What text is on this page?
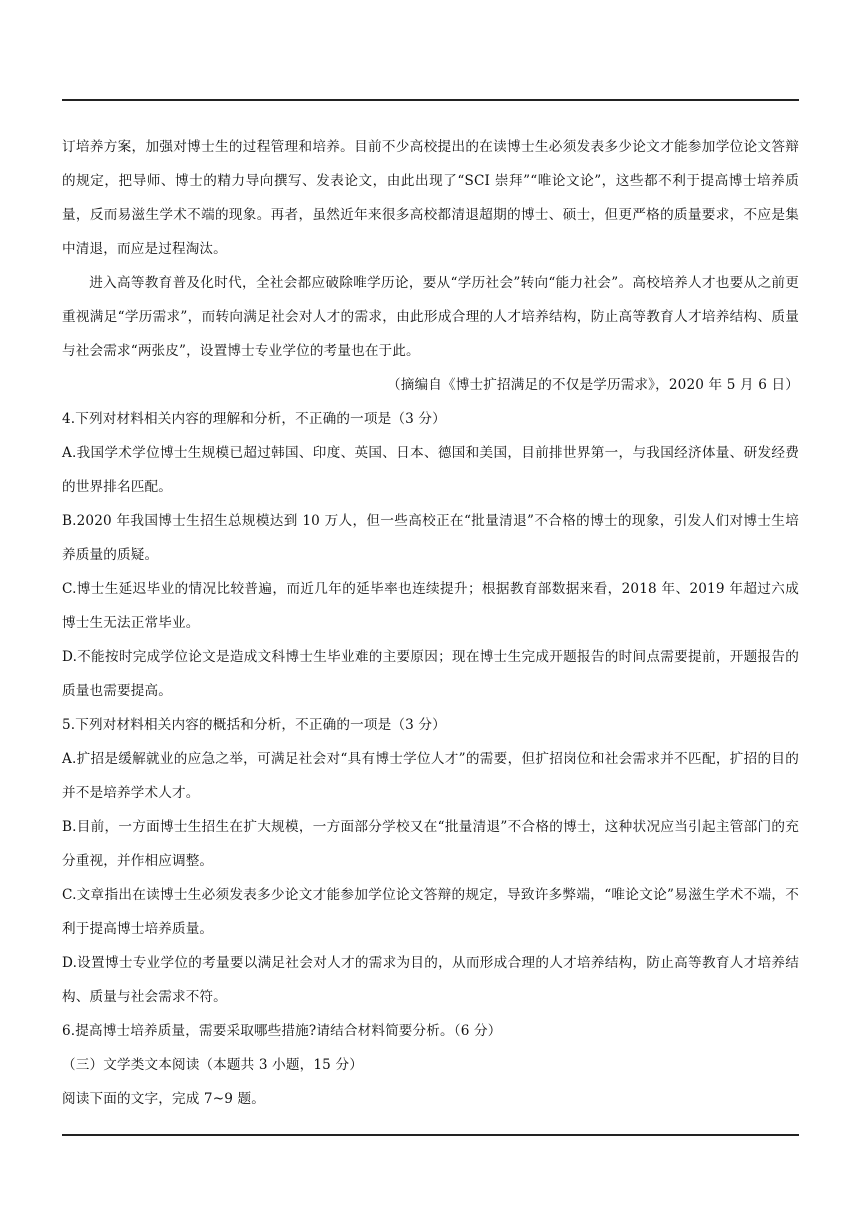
订培养方案，加强对博士生的过程管理和培养。目前不少高校提出的在读博士生必须发表多少论文才能参加学位论文答辩的规定，把导师、博士的精力导向撰写、发表论文，由此出现了“SCI 崇拜”“唯论文论”，这些都不利于提高博士培养质量，反而易滋生学术不端的现象。再者，虽然近年来很多高校都清退超期的博士、硕士，但更严格的质量要求，不应是集中清退，而应是过程淘汰。

进入高等教育普及化时代，全社会都应破除唯学历论，要从“学历社会”转向“能力社会”。高校培养人才也要从之前更重视满足“学历需求”，而转向满足社会对人才的需求，由此形成合理的人才培养结构，防止高等教育人才培养结构、质量与社会需求“两张皮”，设置博士专业学位的考量也在于此。

（摘编自《博士扩招满足的不仅是学历需求》，2020 年 5 月 6 日）

4.下列对材料相关内容的理解和分析，不正确的一项是（3 分）

A.我国学术学位博士生规模已超过韩国、印度、英国、日本、德国和美国，目前排世界第一，与我国经济体量、研发经费的世界排名匹配。

B.2020 年我国博士生招生总规模达到 10 万人，但一些高校正在“批量清退”不合格的博士的现象，引发人们对博士生培养质量的质疑。

C.博士生延迟毕业的情况比较普遍，而近几年的延毕率也连续提升；根据教育部数据来看，2018 年、2019 年超过六成博士生无法正常毕业。

D.不能按时完成学位论文是造成文科博士生毕业难的主要原因；现在博士生完成开题报告的时间点需要提前，开题报告的质量也需要提高。

5.下列对材料相关内容的概括和分析，不正确的一项是（3 分）

A.扩招是缓解就业的应急之举，可满足社会对“具有博士学位人才”的需要，但扩招岗位和社会需求并不匹配，扩招的目的并不是培养学术人才。

B.目前，一方面博士生招生在扩大规模，一方面部分学校又在“批量清退”不合格的博士，这种状况应当引起主管部门的充分重视，并作相应调整。

C.文章指出在读博士生必须发表多少论文才能参加学位论文答辩的规定，导致许多弊端，“唯论文论”易滋生学术不端，不利于提高博士培养质量。

D.设置博士专业学位的考量要以满足社会对人才的需求为目的，从而形成合理的人才培养结构，防止高等教育人才培养结构、质量与社会需求不符。

6.提高博士培养质量，需要采取哪些措施?请结合材料简要分析。（6 分）

（三）文学类文本阅读（本题共 3 小题，15 分）

阅读下面的文字，完成 7~9 题。
